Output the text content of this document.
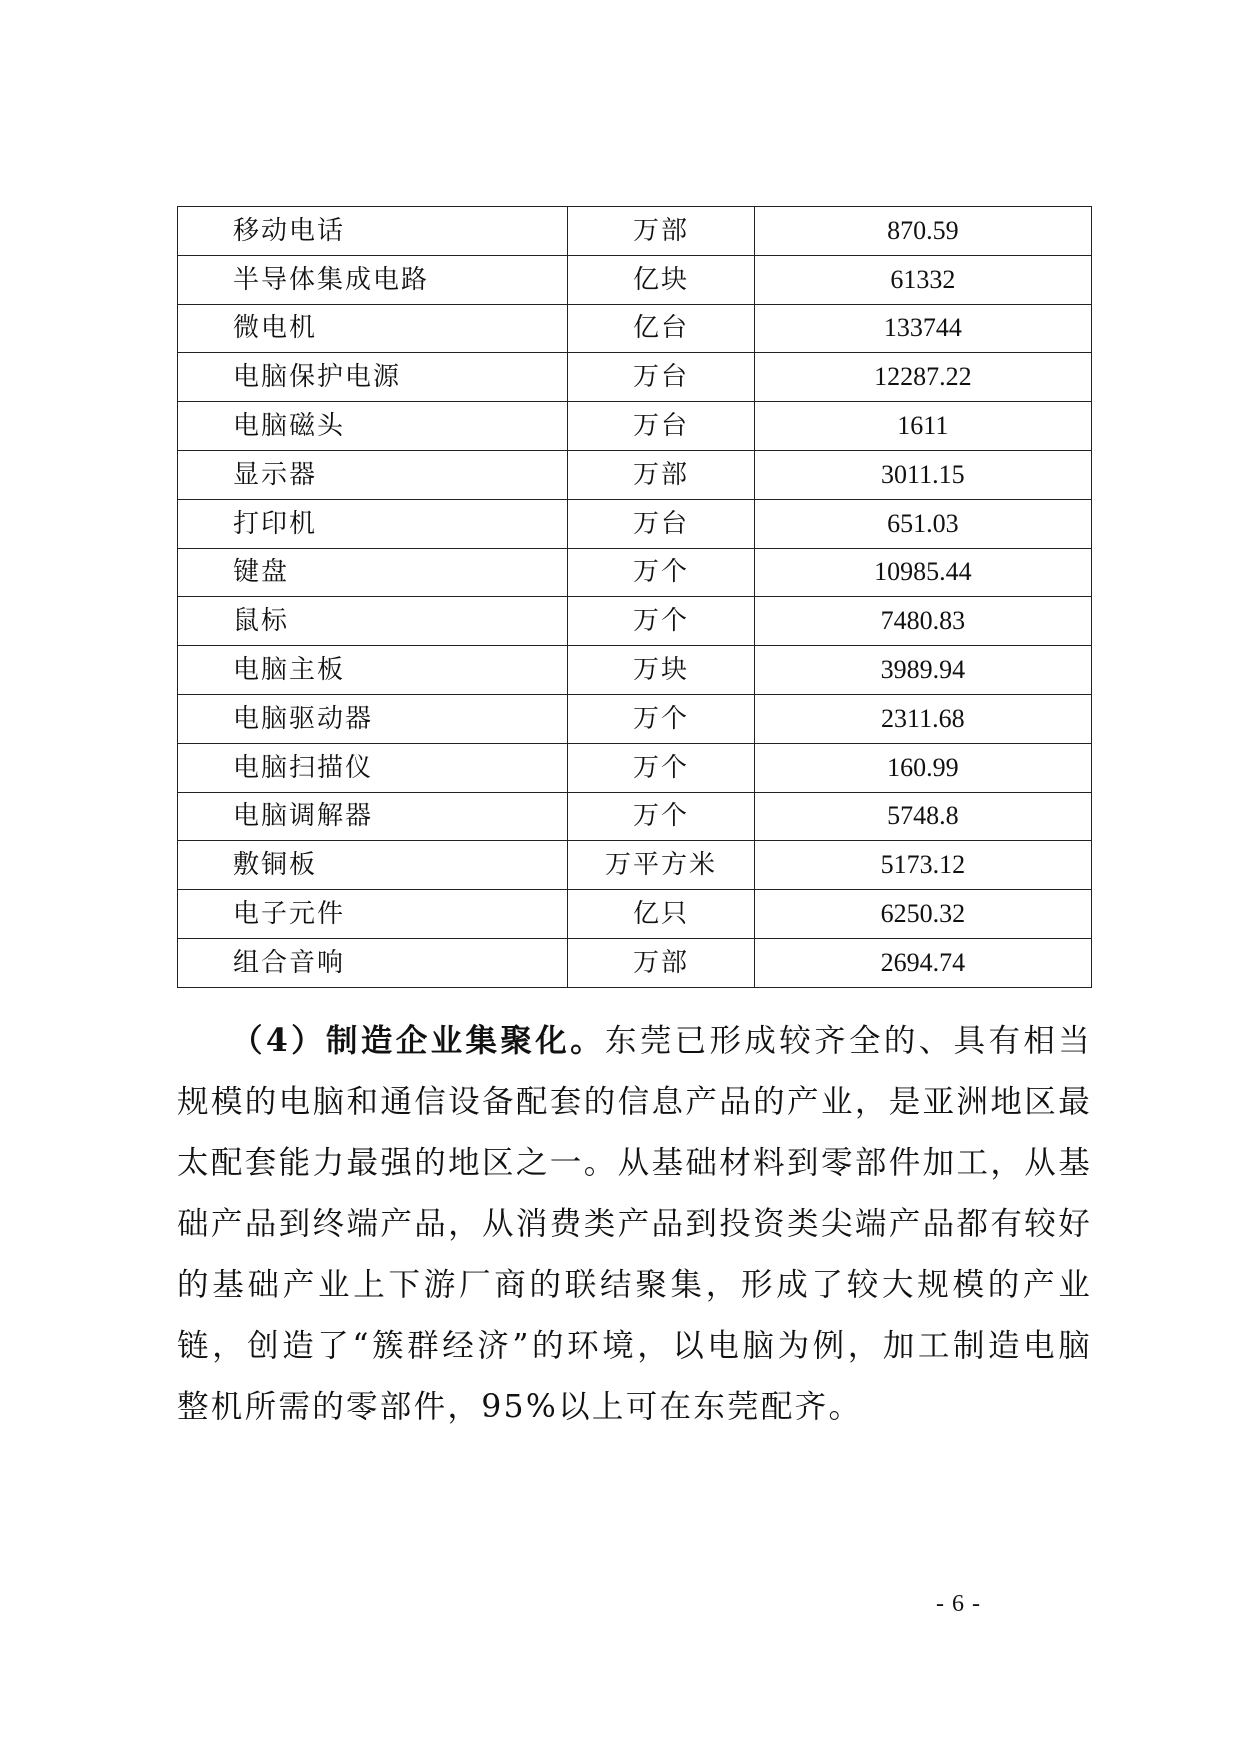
移动电话	万部	870.59
半导体集成电路	亿块	61332
微电机	亿台	133744
电脑保护电源	万台	12287.22
电脑磁头	万台	1611
显示器	万部	3011.15
打印机	万台	651.03
键盘	万个	10985.44
鼠标	万个	7480.83
电脑主板	万块	3989.94
电脑驱动器	万个	2311.68
电脑扫描仪	万个	160.99
电脑调解器	万个	5748.8
敷铜板	万平方米	5173.12
电子元件	亿只	6250.32
组合音响	万部	2694.74

（4）制造企业集聚化。东莞已形成较齐全的、具有相当规模的电脑和通信设备配套的信息产品的产业，是亚洲地区最太配套能力最强的地区之一。从基础材料到零部件加工，从基础产品到终端产品，从消费类产品到投资类尖端产品都有较好的基础产业上下游厂商的联结聚集，形成了较大规模的产业链，创造了“簇群经济”的环境，以电脑为例，加工制造电脑整机所需的零部件，95%以上可在东莞配齐。

- 6 -
